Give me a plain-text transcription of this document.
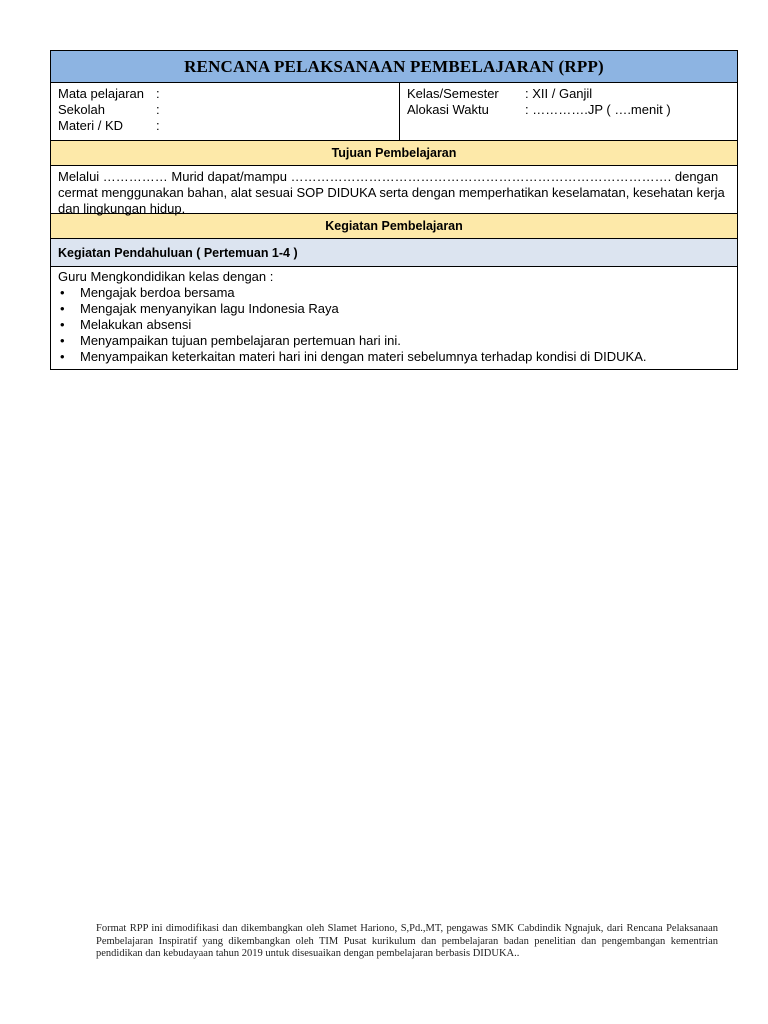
RENCANA PELAKSANAAN PEMBELAJARAN (RPP)
Mata pelajaran :
Sekolah	:
Materi / KD	:
Kelas/Semester	: XII / Ganjil
Alokasi Waktu	: ………….JP ( ….menit )
Tujuan Pembelajaran
Melalui …………… Murid dapat/mampu ……………………………………………………………………………. dengan cermat menggunakan bahan, alat sesuai SOP DIDUKA serta dengan memperhatikan keselamatan, kesehatan kerja dan lingkungan hidup.
Kegiatan Pembelajaran
Kegiatan Pendahuluan ( Pertemuan 1-4 )
Guru Mengkondidikan kelas dengan :
•	Mengajak berdoa bersama
•	Mengajak menyanyikan lagu Indonesia Raya
•	Melakukan absensi
•	Menyampaikan tujuan pembelajaran pertemuan hari ini.
•	Menyampaikan keterkaitan materi hari ini dengan materi sebelumnya terhadap kondisi di DIDUKA.
Format RPP ini dimodifikasi dan dikembangkan oleh Slamet Hariono, S,Pd.,MT, pengawas SMK Cabdindik Ngnajuk, dari Rencana Pelaksanaan Pembelajaran Inspiratif yang dikembangkan oleh TIM Pusat kurikulum dan pembelajaran badan penelitian dan pengembangan kementrian pendidikan dan kebudayaan tahun 2019 untuk disesuaikan dengan pembelajaran berbasis DIDUKA..
